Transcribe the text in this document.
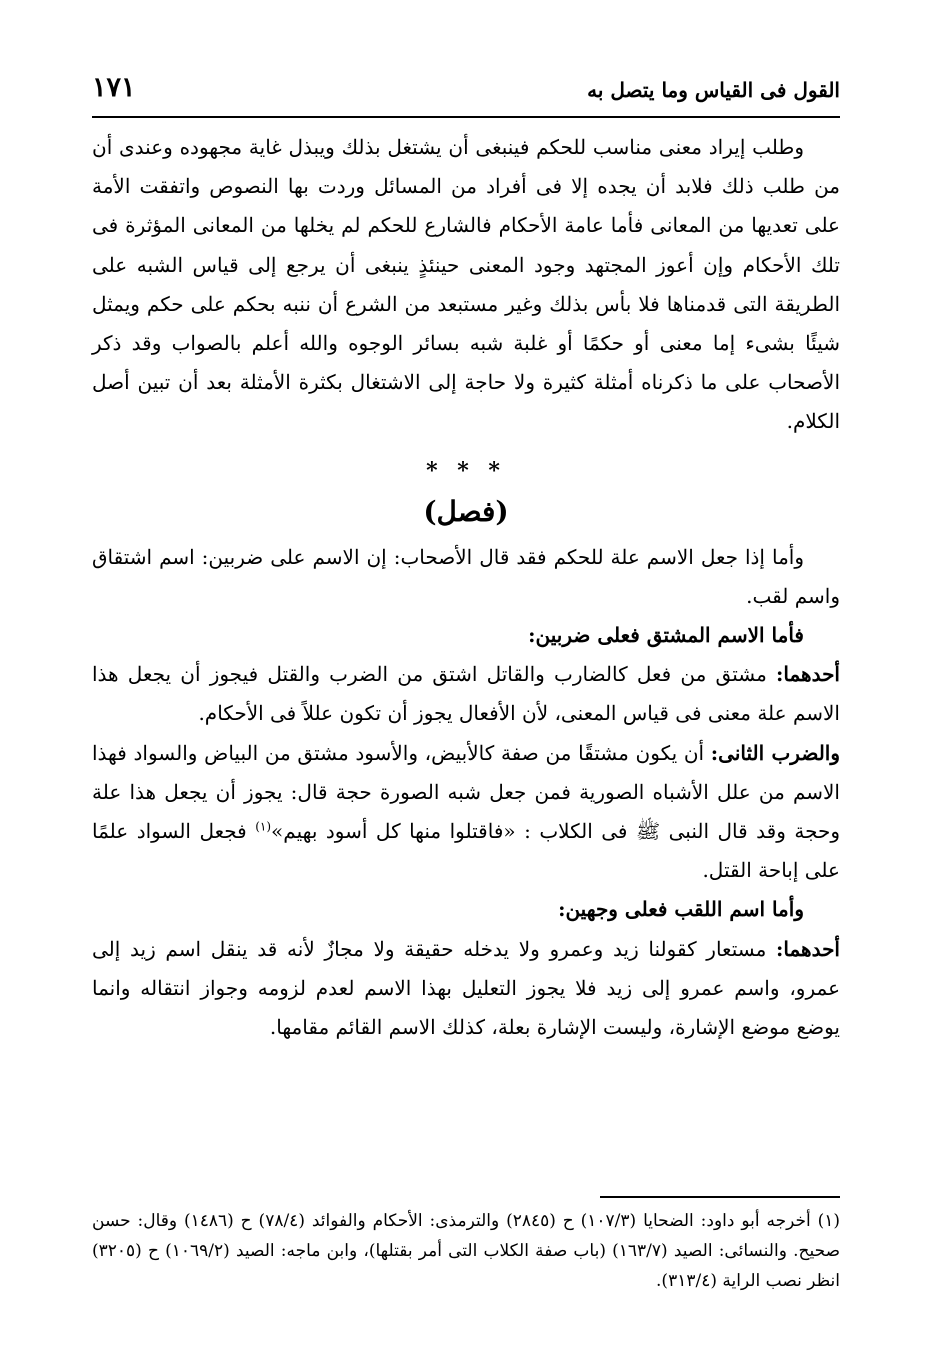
القول فى القياس وما يتصل به
١٧١

وطلب إيراد معنى مناسب للحكم فينبغى أن يشتغل بذلك ويبذل غاية مجهوده وعندى أن من طلب ذلك فلابد أن يجده إلا فى أفراد من المسائل وردت بها النصوص واتفقت الأمة على تعديها من المعانى فأما عامة الأحكام فالشارع للحكم لم يخلها من المعانى المؤثرة فى تلك الأحكام وإن أعوز المجتهد وجود المعنى حينئذٍ ينبغى أن يرجع إلى قياس الشبه على الطريقة التى قدمناها فلا بأس بذلك وغير مستبعد من الشرع أن ننبه بحكم على حكم ويمثل شيئًا بشىء إما معنى أو حكمًا أو غلبة شبه بسائر الوجوه والله أعلم بالصواب وقد ذكر الأصحاب على ما ذكرناه أمثلة كثيرة ولا حاجة إلى الاشتغال بكثرة الأمثلة بعد أن تبين أصل الكلام.

* * *
(فصل)

وأما إذا جعل الاسم علة للحكم فقد قال الأصحاب: إن الاسم على ضربين: اسم اشتقاق واسم لقب.

فأما الاسم المشتق فعلى ضربين:

أحدهما: مشتق من فعل كالضارب والقاتل اشتق من الضرب والقتل فيجوز أن يجعل هذا الاسم علة معنى فى قياس المعنى، لأن الأفعال يجوز أن تكون عللاً فى الأحكام.

والضرب الثانى: أن يكون مشتقًا من صفة كالأبيض، والأسود مشتق من البياض والسواد فهذا الاسم من علل الأشباه الصورية فمن جعل شبه الصورة حجة قال: يجوز أن يجعل هذا علة وحجة وقد قال النبى ﷺ فى الكلاب : «فاقتلوا منها كل أسود بهيم»$^{(١)}$ فجعل السواد علمًا على إباحة القتل.

وأما اسم اللقب فعلى وجهين:

أحدهما: مستعار كقولنا زيد وعمرو ولا يدخله حقيقة ولا مجازٌ لأنه قد ينقل اسم زيد إلى عمرو، واسم عمرو إلى زيد فلا يجوز التعليل بهذا الاسم لعدم لزومه وجواز انتقاله وانما يوضع موضع الإشارة، وليست الإشارة بعلة، كذلك الاسم القائم مقامها.

(١) أخرجه أبو داود: الضحايا (١٠٧/٣) ح (٢٨٤٥) والترمذى: الأحكام والفوائد (٧٨/٤) ح (١٤٨٦) وقال: حسن صحيح. والنسائى: الصيد (١٦٣/٧) (باب صفة الكلاب التى أمر بقتلها)، وابن ماجه: الصيد (١٠٦٩/٢) ح (٣٢٠٥) انظر نصب الراية (٣١٣/٤).
